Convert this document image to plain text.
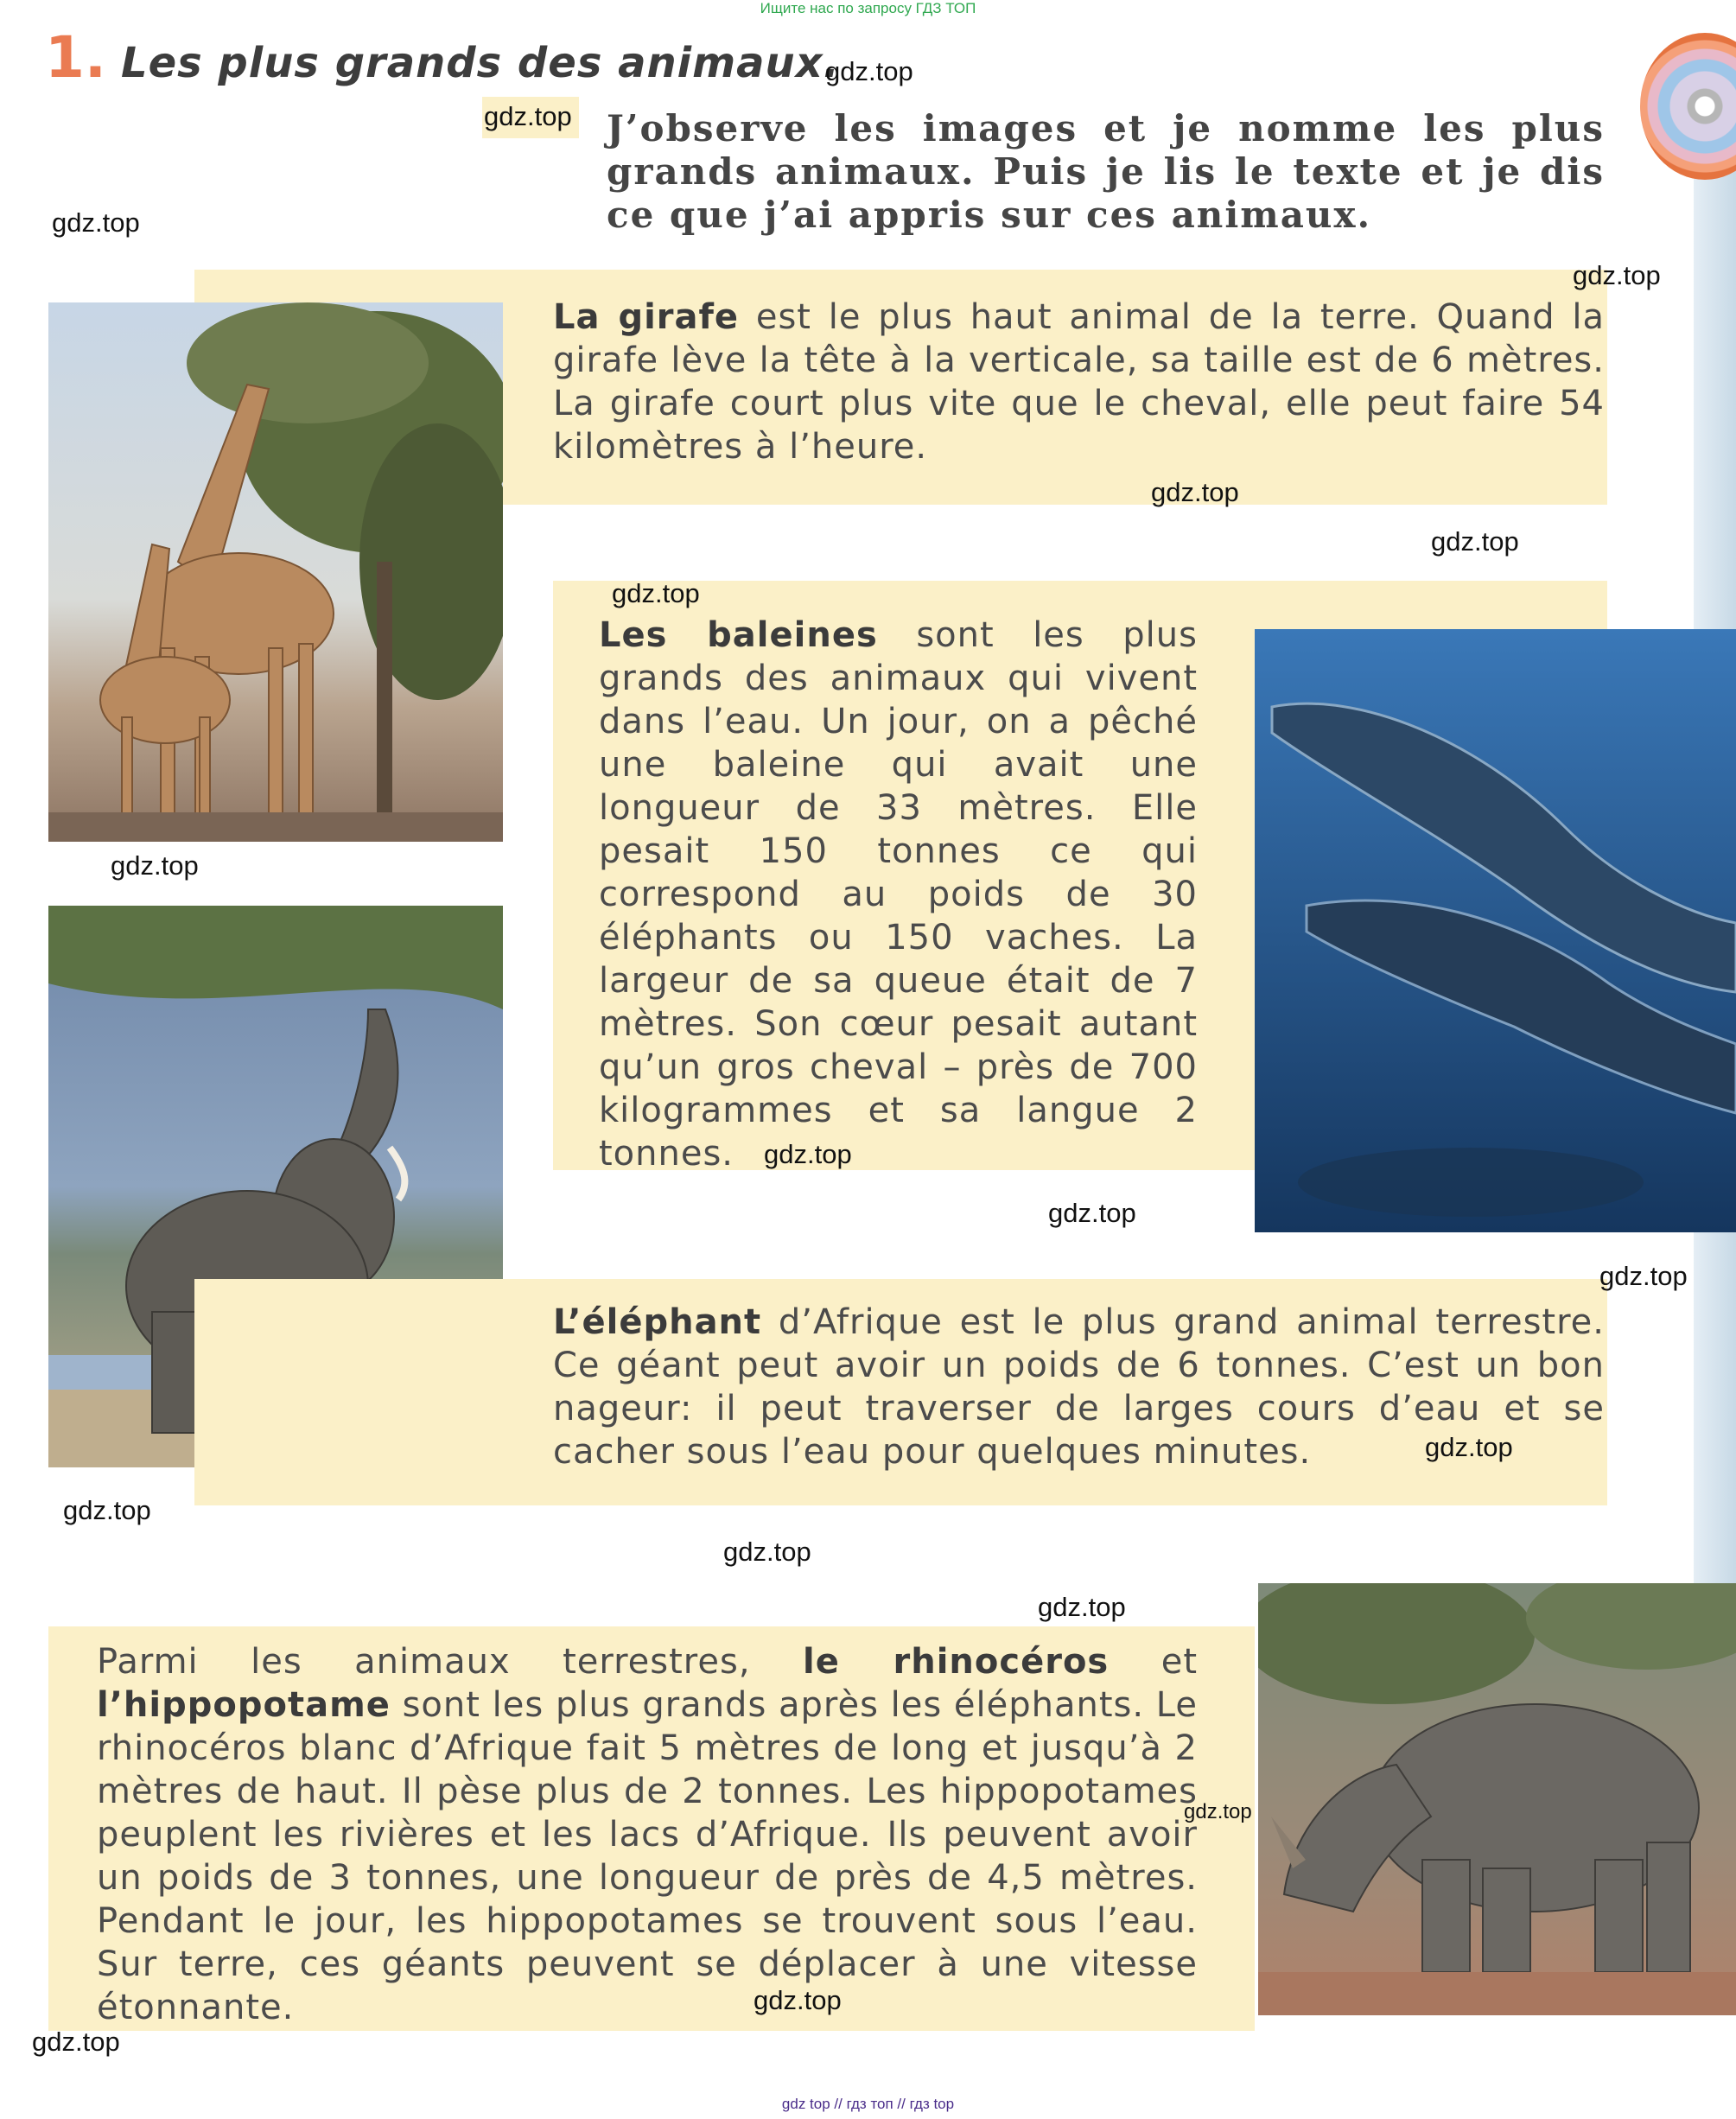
Ищите нас по запросу ГДЗ ТОП
1. Les plus grands des animaux.
J’observe les images et je nomme les plus grands animaux. Puis je lis le texte et je dis ce que j’ai appris sur ces animaux.
La girafe est le plus haut animal de la terre. Quand la girafe lève la tête à la verticale, sa taille est de 6 mètres. La girafe court plus vite que le cheval, elle peut faire 54 kilomètres à l’heure.
Les baleines sont les plus grands des animaux qui vivent dans l’eau. Un jour, on a pêché une baleine qui avait une longueur de 33 mètres. Elle pesait 150 tonnes ce qui correspond au poids de 30 éléphants ou 150 vaches. La largeur de sa queue était de 7 mètres. Son cœur pesait autant qu’un gros cheval – près de 700 kilogrammes et sa langue 2 tonnes.
L’éléphant d’Afrique est le plus grand animal terrestre. Ce géant peut avoir un poids de 6 tonnes. C’est un bon nageur: il peut traverser de larges cours d’eau et se cacher sous l’eau pour quelques minutes.
Parmi les animaux terrestres, le rhinocéros et l’hippopotame sont les plus grands après les éléphants. Le rhinocéros blanc d’Afrique fait 5 mètres de long et jusqu’à 2 mètres de haut. Il pèse plus de 2 tonnes. Les hippopotames peuplent les rivières et les lacs d’Afrique. Ils peuvent avoir un poids de 3 tonnes, une longueur de près de 4,5 mètres. Pendant le jour, les hippopotames se trouvent sous l’eau. Sur terre, ces géants peuvent se déplacer à une vitesse étonnante.
gdz.top
gdz.top
gdz.top
gdz.top
gdz.top
gdz.top
gdz.top
gdz.top
gdz.top
gdz.top
gdz.top
gdz.top
gdz.top
gdz.top
gdz.top
gdz.top
gdz.top
gdz.top
gdz top // гдз топ // гдз top
